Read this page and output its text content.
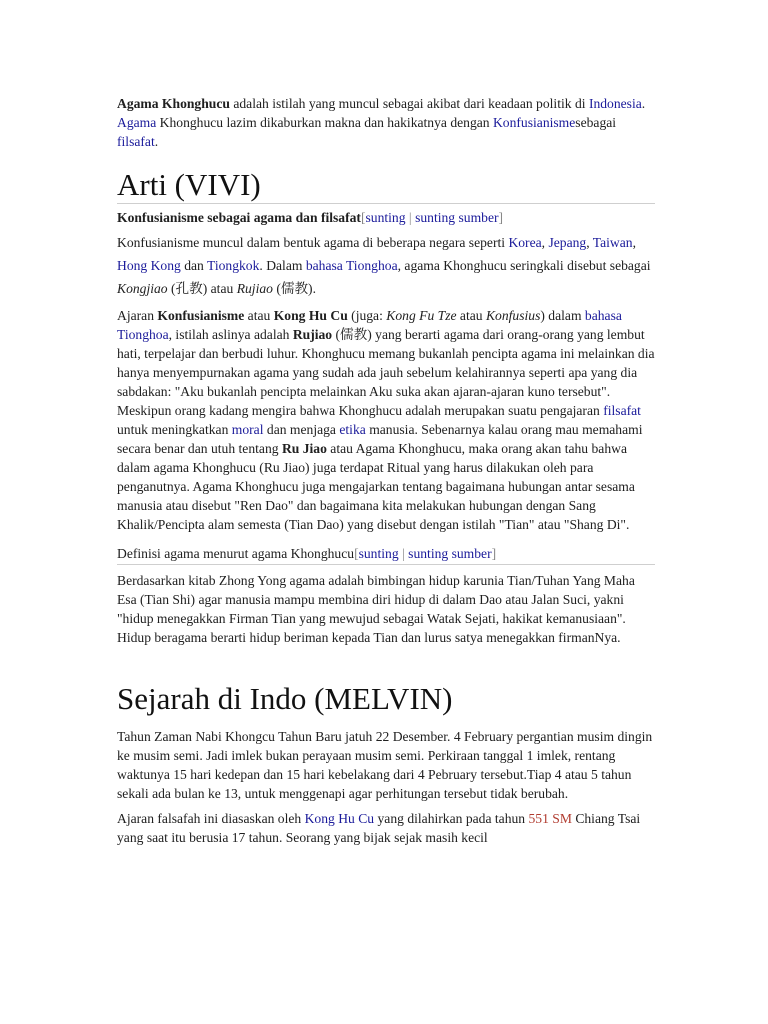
Agama Khonghucu adalah istilah yang muncul sebagai akibat dari keadaan politik di Indonesia. Agama Khonghucu lazim dikaburkan makna dan hakikatnya dengan Konfusianismesebagai filsafat.

Arti (VIVI)

Konfusianisme sebagai agama dan filsafat[sunting | sunting sumber]

Konfusianisme muncul dalam bentuk agama di beberapa negara seperti Korea, Jepang, Taiwan, Hong Kong dan Tiongkok. Dalam bahasa Tionghoa, agama Khonghucu seringkali disebut sebagai Kongjiao (孔教) atau Rujiao (儒教).

Ajaran Konfusianisme atau Kong Hu Cu (juga: Kong Fu Tze atau Konfusius) dalam bahasa Tionghoa, istilah aslinya adalah Rujiao (儒教) yang berarti agama dari orang-orang yang lembut hati, terpelajar dan berbudi luhur. Khonghucu memang bukanlah pencipta agama ini melainkan dia hanya menyempurnakan agama yang sudah ada jauh sebelum kelahirannya seperti apa yang dia sabdakan: "Aku bukanlah pencipta melainkan Aku suka akan ajaran-ajaran kuno tersebut". Meskipun orang kadang mengira bahwa Khonghucu adalah merupakan suatu pengajaran filsafat untuk meningkatkan moral dan menjaga etika manusia. Sebenarnya kalau orang mau memahami secara benar dan utuh tentang Ru Jiao atau Agama Khonghucu, maka orang akan tahu bahwa dalam agama Khonghucu (Ru Jiao) juga terdapat Ritual yang harus dilakukan oleh para penganutnya. Agama Khonghucu juga mengajarkan tentang bagaimana hubungan antar sesama manusia atau disebut "Ren Dao" dan bagaimana kita melakukan hubungan dengan Sang Khalik/Pencipta alam semesta (Tian Dao) yang disebut dengan istilah "Tian" atau "Shang Di".

Definisi agama menurut agama Khonghucu[sunting | sunting sumber]

Berdasarkan kitab Zhong Yong agama adalah bimbingan hidup karunia Tian/Tuhan Yang Maha Esa (Tian Shi) agar manusia mampu membina diri hidup di dalam Dao atau Jalan Suci, yakni "hidup menegakkan Firman Tian yang mewujud sebagai Watak Sejati, hakikat kemanusiaan". Hidup beragama berarti hidup beriman kepada Tian dan lurus satya menegakkan firmanNya.

Sejarah di Indo (MELVIN)

Tahun Zaman Nabi Khongcu Tahun Baru jatuh 22 Desember. 4 February pergantian musim dingin ke musim semi. Jadi imlek bukan perayaan musim semi. Perkiraan tanggal 1 imlek, rentang waktunya 15 hari kedepan dan 15 hari kebelakang dari 4 Pebruary tersebut.Tiap 4 atau 5 tahun sekali ada bulan ke 13, untuk menggenapi agar perhitungan tersebut tidak berubah.

Ajaran falsafah ini diasaskan oleh Kong Hu Cu yang dilahirkan pada tahun 551 SM Chiang Tsai yang saat itu berusia 17 tahun. Seorang yang bijak sejak masih kecil
